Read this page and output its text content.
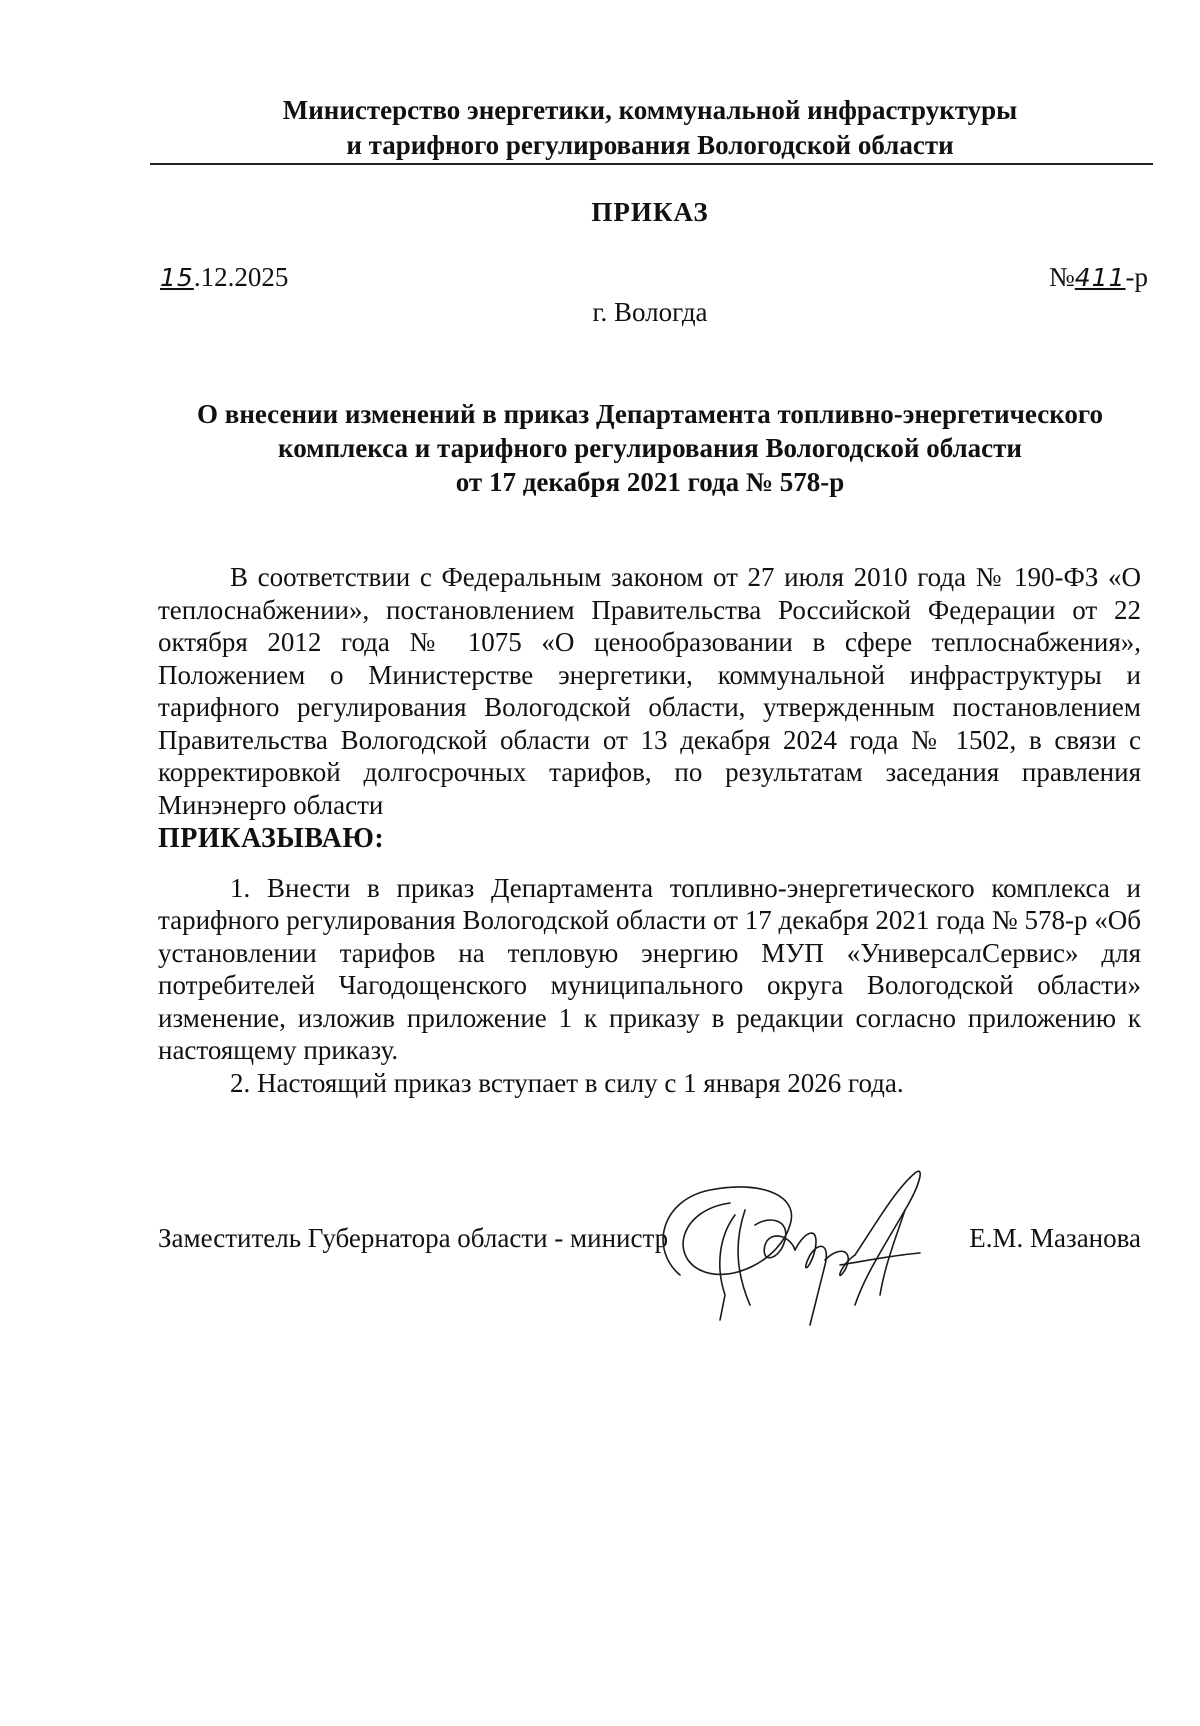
Министерство энергетики, коммунальной инфраструктуры
и тарифного регулирования Вологодской области
ПРИКАЗ
15.12.2025	№411-р
г. Вологда
О внесении изменений в приказ Департамента топливно-энергетического
комплекса и тарифного регулирования Вологодской области
от 17 декабря 2021 года № 578-р

В соответствии с Федеральным законом от 27 июля 2010 года № 190-ФЗ «О теплоснабжении», постановлением Правительства Российской Федерации от 22 октября 2012 года № 1075 «О ценообразовании в сфере теплоснабжения», Положением о Министерстве энергетики, коммунальной инфраструктуры и тарифного регулирования Вологодской области, утвержденным постановлением Правительства Вологодской области от 13 декабря 2024 года № 1502, в связи с корректировкой долгосрочных тарифов, по результатам заседания правления Минэнерго области

ПРИКАЗЫВАЮ:

1. Внести в приказ Департамента топливно-энергетического комплекса и тарифного регулирования Вологодской области от 17 декабря 2021 года № 578-р «Об установлении тарифов на тепловую энергию МУП «УниверсалСервис» для потребителей Чагодощенского муниципального округа Вологодской области» изменение, изложив приложение 1 к приказу в редакции согласно приложению к настоящему приказу.

2. Настоящий приказ вступает в силу с 1 января 2026 года.

Заместитель Губернатора области - министр	Е.М. Мазанова
